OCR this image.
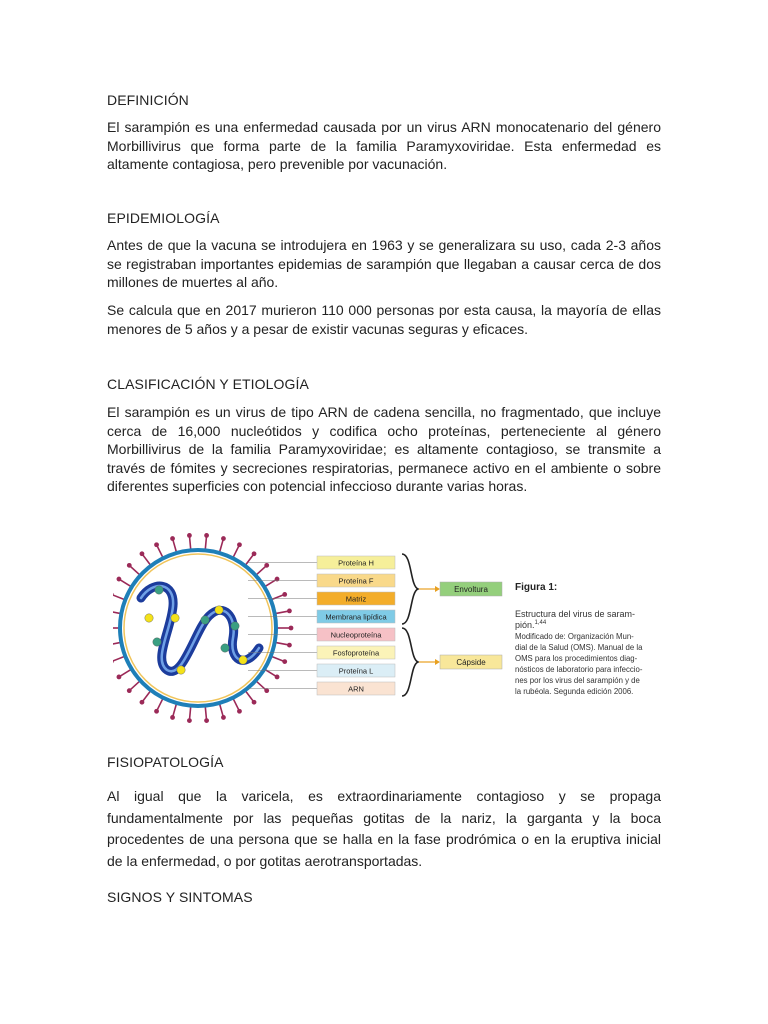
DEFINICIÓN

El sarampión es una enfermedad causada por un virus ARN monocatenario del género Morbillivirus que forma parte de la familia Paramyxoviridae. Esta enfermedad es altamente contagiosa, pero prevenible por vacunación.

EPIDEMIOLOGÍA

Antes de que la vacuna se introdujera en 1963 y se generalizara su uso, cada 2-3 años se registraban importantes epidemias de sarampión que llegaban a causar cerca de dos millones de muertes al año.

Se calcula que en 2017 murieron 110 000 personas por esta causa, la mayoría de ellas menores de 5 años y a pesar de existir vacunas seguras y eficaces.

CLASIFICACIÓN Y ETIOLOGÍA

El sarampión es un virus de tipo ARN de cadena sencilla, no fragmentado, que incluye cerca de 16,000 nucleótidos y codifica ocho proteínas, perteneciente al género Morbillivirus de la familia Paramyxoviridae; es altamente contagioso, se transmite a través de fómites y secreciones respiratorias, permanece activo en el ambiente o sobre diferentes superficies con potencial infeccioso durante varias horas.

Proteína H
Proteína F
Matriz
Membrana lipídica
Nucleoproteína
Fosfoproteína
Proteína L
ARN
Envoltura
Cápside
Figura 1:
Estructura del virus de saram-
pión.$^{1,44}$
Modificado de: Organización Mun-
dial de la Salud (OMS). Manual de la
OMS para los procedimientos diag-
nósticos de laboratorio para infeccio-
nes por los virus del sarampión y de
la rubéola. Segunda edición 2006.
FISIOPATOLOGÍA

Al igual que la varicela, es extraordinariamente contagioso y se propaga fundamentalmente por las pequeñas gotitas de la nariz, la garganta y la boca procedentes de una persona que se halla en la fase prodrómica o en la eruptiva inicial de la enfermedad, o por gotitas aerotransportadas.

SIGNOS Y SINTOMAS
